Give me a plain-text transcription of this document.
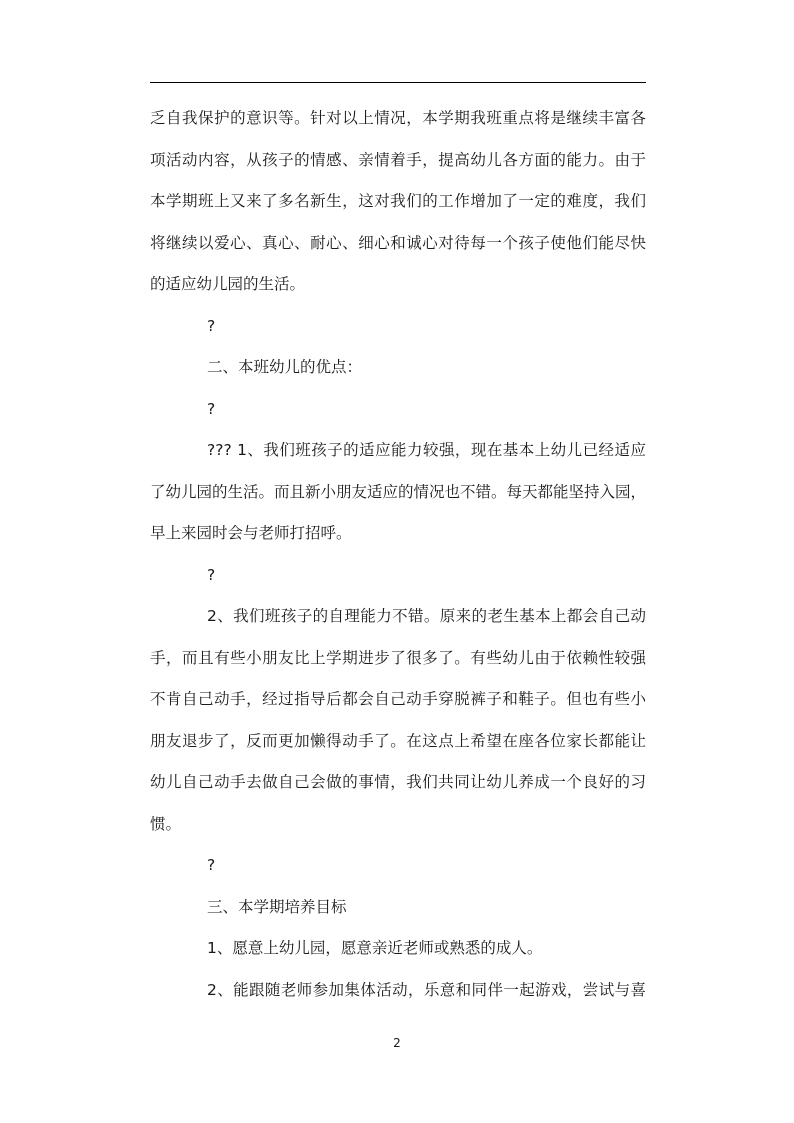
乏自我保护的意识等。针对以上情况，本学期我班重点将是继续丰富各
项活动内容，从孩子的情感、亲情着手，提高幼儿各方面的能力。由于
本学期班上又来了多名新生，这对我们的工作增加了一定的难度，我们
将继续以爱心、真心、耐心、细心和诚心对待每一个孩子使他们能尽快
的适应幼儿园的生活。
?
二、本班幼儿的优点：
?
??? 1、我们班孩子的适应能力较强，现在基本上幼儿已经适应
了幼儿园的生活。而且新小朋友适应的情况也不错。每天都能坚持入园，
早上来园时会与老师打招呼。
?
2、我们班孩子的自理能力不错。原来的老生基本上都会自己动
手，而且有些小朋友比上学期进步了很多了。有些幼儿由于依赖性较强
不肯自己动手，经过指导后都会自己动手穿脱裤子和鞋子。但也有些小
朋友退步了，反而更加懒得动手了。在这点上希望在座各位家长都能让
幼儿自己动手去做自己会做的事情，我们共同让幼儿养成一个良好的习
惯。
?
三、本学期培养目标
1、愿意上幼儿园，愿意亲近老师或熟悉的成人。
2、能跟随老师参加集体活动，乐意和同伴一起游戏，尝试与喜
2
